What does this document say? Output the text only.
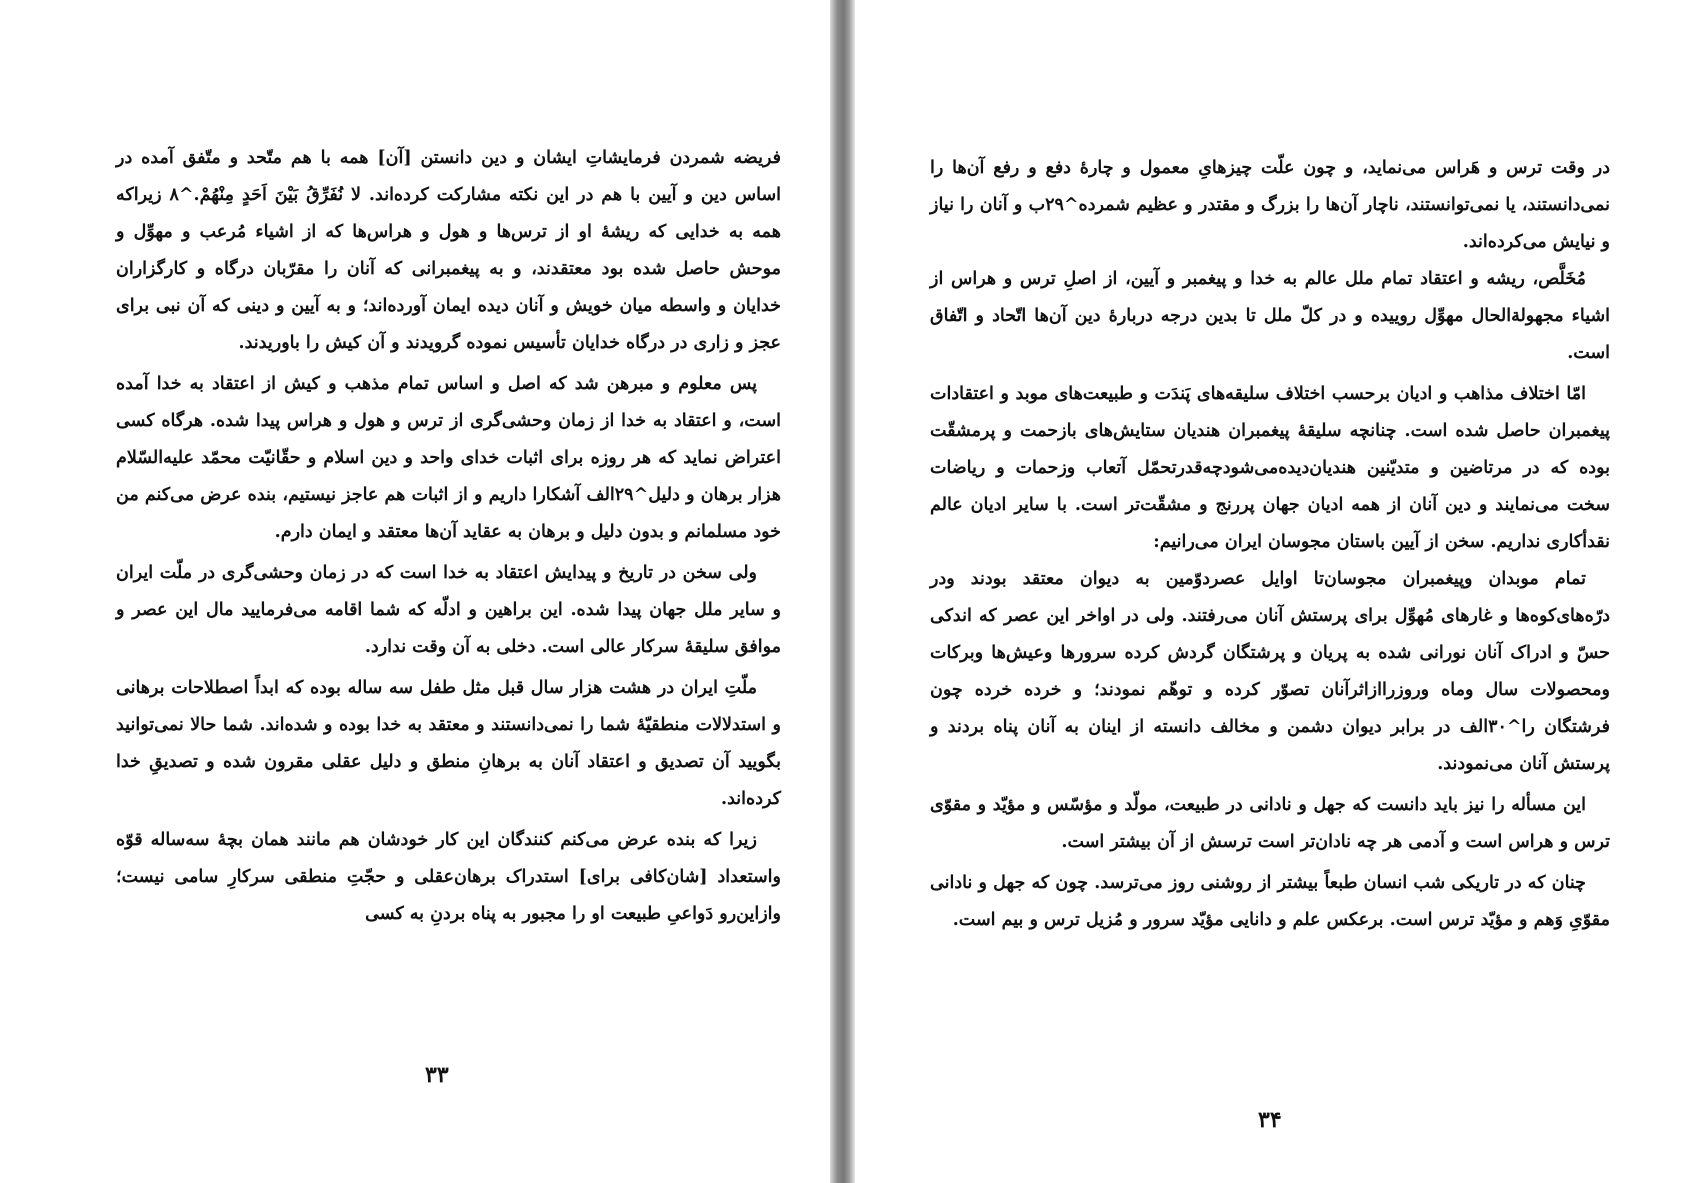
فریضه شمردن فرمایشاتِ ایشان و دین دانستن [آن] همه با هم متّحد و متّفق آمده در اساس دین و آیین با هم در این نکته مشارکت کرده‌اند. لا نُفَرِّقُ بَیْنَ اَحَدٍ مِنْهُمْ.^۸ زیراکه همه به خدایی که ریشهٔ او از ترس‌ها و هول و هراس‌ها که از اشیاء مُرعب و مهوِّل و موحش حاصل شده بود معتقدند، و به پیغمبرانی که آنان را مقرّبان درگاه و کارگزاران خدایان و واسطه میان خویش و آنان دیده ایمان آورده‌اند؛ و به آیین و دینی که آن نبی برای عجز و زاری در درگاه خدایان تأسیس نموده گرویدند و آن کیش را باوریدند.

پس معلوم و مبرهن شد که اصل و اساس تمام مذهب و کیش از اعتقاد به خدا آمده است، و اعتقاد به خدا از زمان وحشی‌گری از ترس و هول و هراس پیدا شده. هرگاه کسی اعتراض نماید که هر روزه برای اثبات خدای واحد و دین اسلام و حقّانیّت محمّد علیه‌السّلام هزار برهان و دلیل^۲۹الف آشکارا داریم و از اثبات هم عاجز نیستیم، بنده عرض می‌کنم من خود مسلمانم و بدون دلیل و برهان به عقاید آن‌ها معتقد و ایمان دارم.

ولی سخن در تاریخ و پیدایش اعتقاد به خدا است که در زمان وحشی‌گری در ملّت ایران و سایر ملل جهان پیدا شده. این براهین و ادلّه که شما اقامه می‌فرمایید مال این عصر و موافق سلیقهٔ سرکار عالی است. دخلی به آن وقت ندارد.

ملّتِ ایران در هشت هزار سال قبل مثل طفل سه ساله بوده که ابداً اصطلاحات برهانی و استدلالات منطقیّهٔ شما را نمی‌دانستند و معتقد به خدا بوده و شده‌اند. شما حالا نمی‌توانید بگویید آن تصدیق و اعتقاد آنان به برهانِ منطق و دلیل عقلی مقرون شده و تصدیقِ خدا کرده‌اند.

زیرا که بنده عرض می‌کنم کنندگان این کار خودشان هم مانند همان بچهٔ سه‌ساله قوّه واستعداد [شان‌کافی برای] استدراک برهان‌عقلی و حجّتِ منطقی سرکارِ سامی نیست؛وازاین‌رو دَواعیِ طبیعت او را مجبور به پناه بردنِ به کسی

۳۳

در وقت ترس و هَراس می‌نماید، و چون علّت چیزهایِ معمول و چارهٔ دفع و رفع آن‌ها را نمی‌دانستند، یا نمی‌توانستند، ناچار آن‌ها را بزرگ و مقتدر و عظیم شمرده^۲۹ب و آنان را نیاز و نیایش می‌کرده‌اند.

مُخَلَّص، ریشه و اعتقاد تمام ملل عالم به خدا و پیغمبر و آیین، از اصلِ ترس و هراس از اشیاء مجهولة‌الحال مهوِّل روییده و در کلّ ملل تا بدین درجه دربارهٔ دین آن‌ها اتّحاد و اتّفاق است.

امّا اختلاف مذاهب و ادیان برحسب اختلاف سلیقه‌های پَندَت و طبیعت‌های موبد و اعتقادات پیغمبران حاصل شده است. چنانچه سلیقهٔ پیغمبران هندیان ستایش‌های بازحمت و پرمشقّت بوده که در مرتاضین و متدیّنین هندیان‌دیده‌می‌شودچه‌قدرتحمّل آتعاب وزحمات و ریاضات سخت می‌نمایند و دین آنان از همه ادیان جهان پررنج و مشقّت‌تر است. با سایر ادیان عالم نقدأکاری نداریم. سخن از آیین باستان مجوسان ایران می‌رانیم:

تمام موبدان وپیغمبران مجوسان‌تا اوایل عصردوّمین به دیوان معتقد بودند ودر درّه‌های‌کوه‌ها و غارهای مُهوِّل برای پرستش آنان می‌رفتند. ولی در اواخر این عصر که اندکی حسّ و ادراک آنان نورانی شده به پریان و پرشتگان گردش کرده سرورها وعیش‌ها وبرکات ومحصولات سال وماه وروزراازاثرآنان تصوّر کرده و توهّم نمودند؛ و خرده خرده چون فرشتگان را^۳۰الف در برابر دیوان دشمن و مخالف دانسته از اینان به آنان پناه بردند و پرستش آنان می‌نمودند.

این مسأله را نیز باید دانست که جهل و نادانی در طبیعت، مولّد و مؤسّس و مؤیّد و مقوّی ترس و هراس است و آدمی هر چه نادان‌تر است ترسش از آن بیشتر است.

چنان که در تاریکی شب انسان طبعاً بیشتر از روشنی روز می‌ترسد. چون که جهل و نادانی مقوّیِ وَهم و مؤیّد ترس است. برعکس علم و دانایی مؤیّد سرور و مُزیل ترس و بیم است.

۳۴
